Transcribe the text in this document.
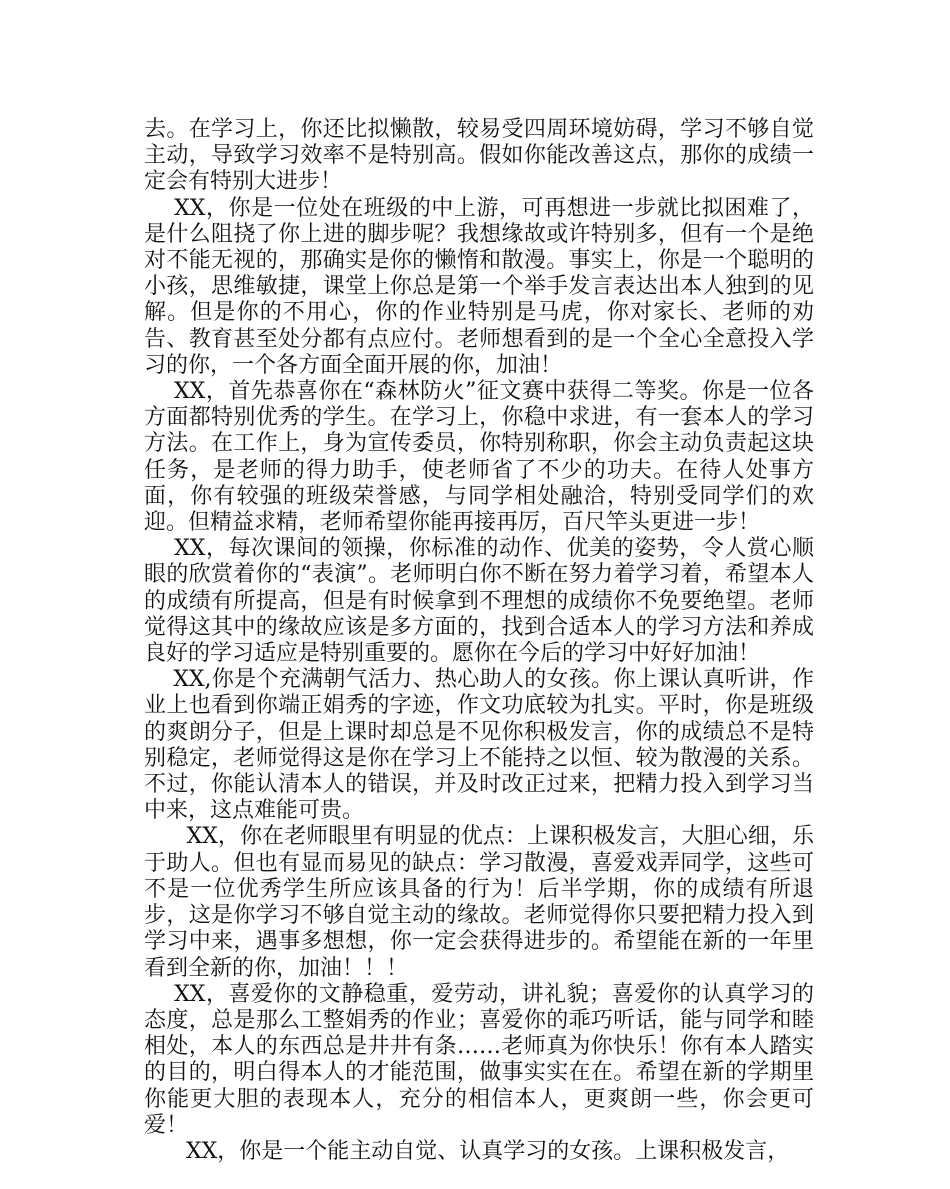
去。在学习上，你还比拟懒散，较易受四周环境妨碍，学习不够自觉主动，导致学习效率不是特别高。假如你能改善这点，那你的成绩一定会有特别大进步！

XX，你是一位处在班级的中上游，可再想进一步就比拟困难了，是什么阻挠了你上进的脚步呢？我想缘故或许特别多，但有一个是绝对不能无视的，那确实是你的懒惰和散漫。事实上，你是一个聪明的小孩，思维敏捷，课堂上你总是第一个举手发言表达出本人独到的见解。但是你的不用心，你的作业特别是马虎，你对家长、老师的劝告、教育甚至处分都有点应付。老师想看到的是一个全心全意投入学习的你，一个各方面全面开展的你，加油！

XX，首先恭喜你在“森林防火”征文赛中获得二等奖。你是一位各方面都特别优秀的学生。在学习上，你稳中求进，有一套本人的学习方法。在工作上，身为宣传委员，你特别称职，你会主动负责起这块任务，是老师的得力助手，使老师省了不少的功夫。在待人处事方面，你有较强的班级荣誉感，与同学相处融洽，特别受同学们的欢迎。但精益求精，老师希望你能再接再厉，百尺竿头更进一步！

XX，每次课间的领操，你标准的动作、优美的姿势，令人赏心顺眼的欣赏着你的“表演”。老师明白你不断在努力着学习着，希望本人的成绩有所提高，但是有时候拿到不理想的成绩你不免要绝望。老师觉得这其中的缘故应该是多方面的，找到合适本人的学习方法和养成良好的学习适应是特别重要的。愿你在今后的学习中好好加油！

XX,你是个充满朝气活力、热心助人的女孩。你上课认真听讲，作业上也看到你端正娟秀的字迹，作文功底较为扎实。平时，你是班级的爽朗分子，但是上课时却总是不见你积极发言，你的成绩总不是特别稳定，老师觉得这是你在学习上不能持之以恒、较为散漫的关系。不过，你能认清本人的错误，并及时改正过来，把精力投入到学习当中来，这点难能可贵。

XX，你在老师眼里有明显的优点：上课积极发言，大胆心细，乐于助人。但也有显而易见的缺点：学习散漫，喜爱戏弄同学，这些可不是一位优秀学生所应该具备的行为！后半学期，你的成绩有所退步，这是你学习不够自觉主动的缘故。老师觉得你只要把精力投入到学习中来，遇事多想想，你一定会获得进步的。希望能在新的一年里看到全新的你，加油！！！

XX，喜爱你的文静稳重，爱劳动，讲礼貌；喜爱你的认真学习的态度，总是那么工整娟秀的作业；喜爱你的乖巧听话，能与同学和睦相处，本人的东西总是井井有条……老师真为你快乐！你有本人踏实的目的，明白得本人的才能范围，做事实实在在。希望在新的学期里你能更大胆的表现本人，充分的相信本人，更爽朗一些，你会更可爱！

XX，你是一个能主动自觉、认真学习的女孩。上课积极发言，
